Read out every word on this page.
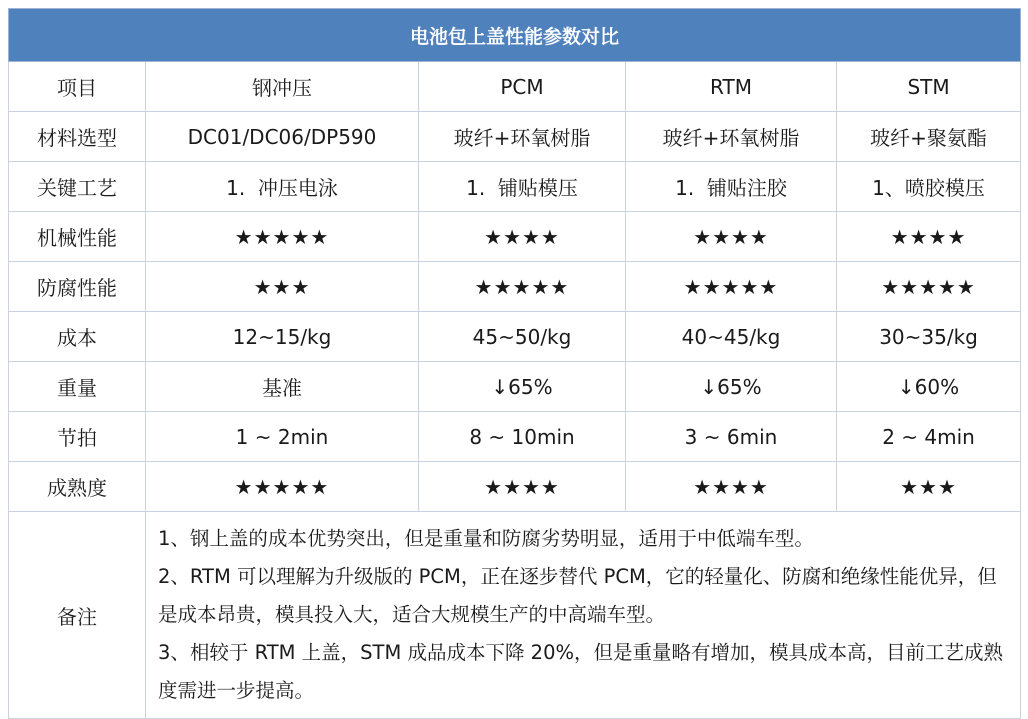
电池包上盖性能参数对比				
项目	钢冲压	PCM	RTM	STM
材料选型	DC01/DC06/DP590	玻纤+环氧树脂	玻纤+环氧树脂	玻纤+聚氨酯
关键工艺	1.  冲压电泳	1.  铺贴模压	1.  铺贴注胶	1、喷胶模压
机械性能	★★★★★	★★★★	★★★★	★★★★
防腐性能	★★★	★★★★★	★★★★★	★★★★★
成本	12~15/kg	45~50/kg	40~45/kg	30~35/kg
重量	基准	↓65%	↓65%	↓60%
节拍	1 ~ 2min	8 ~ 10min	3 ~ 6min	2 ~ 4min
成熟度	★★★★★	★★★★	★★★★	★★★
备注	1、钢上盖的成本优势突出，但是重量和防腐劣势明显，适用于中低端车型。
2、RTM 可以理解为升级版的 PCM，正在逐步替代 PCM，它的轻量化、防腐和绝缘性能优异，但是成本昂贵，模具投入大，适合大规模生产的中高端车型。
3、相较于 RTM 上盖，STM 成品成本下降 20%，但是重量略有增加，模具成本高，目前工艺成熟度需进一步提高。			
